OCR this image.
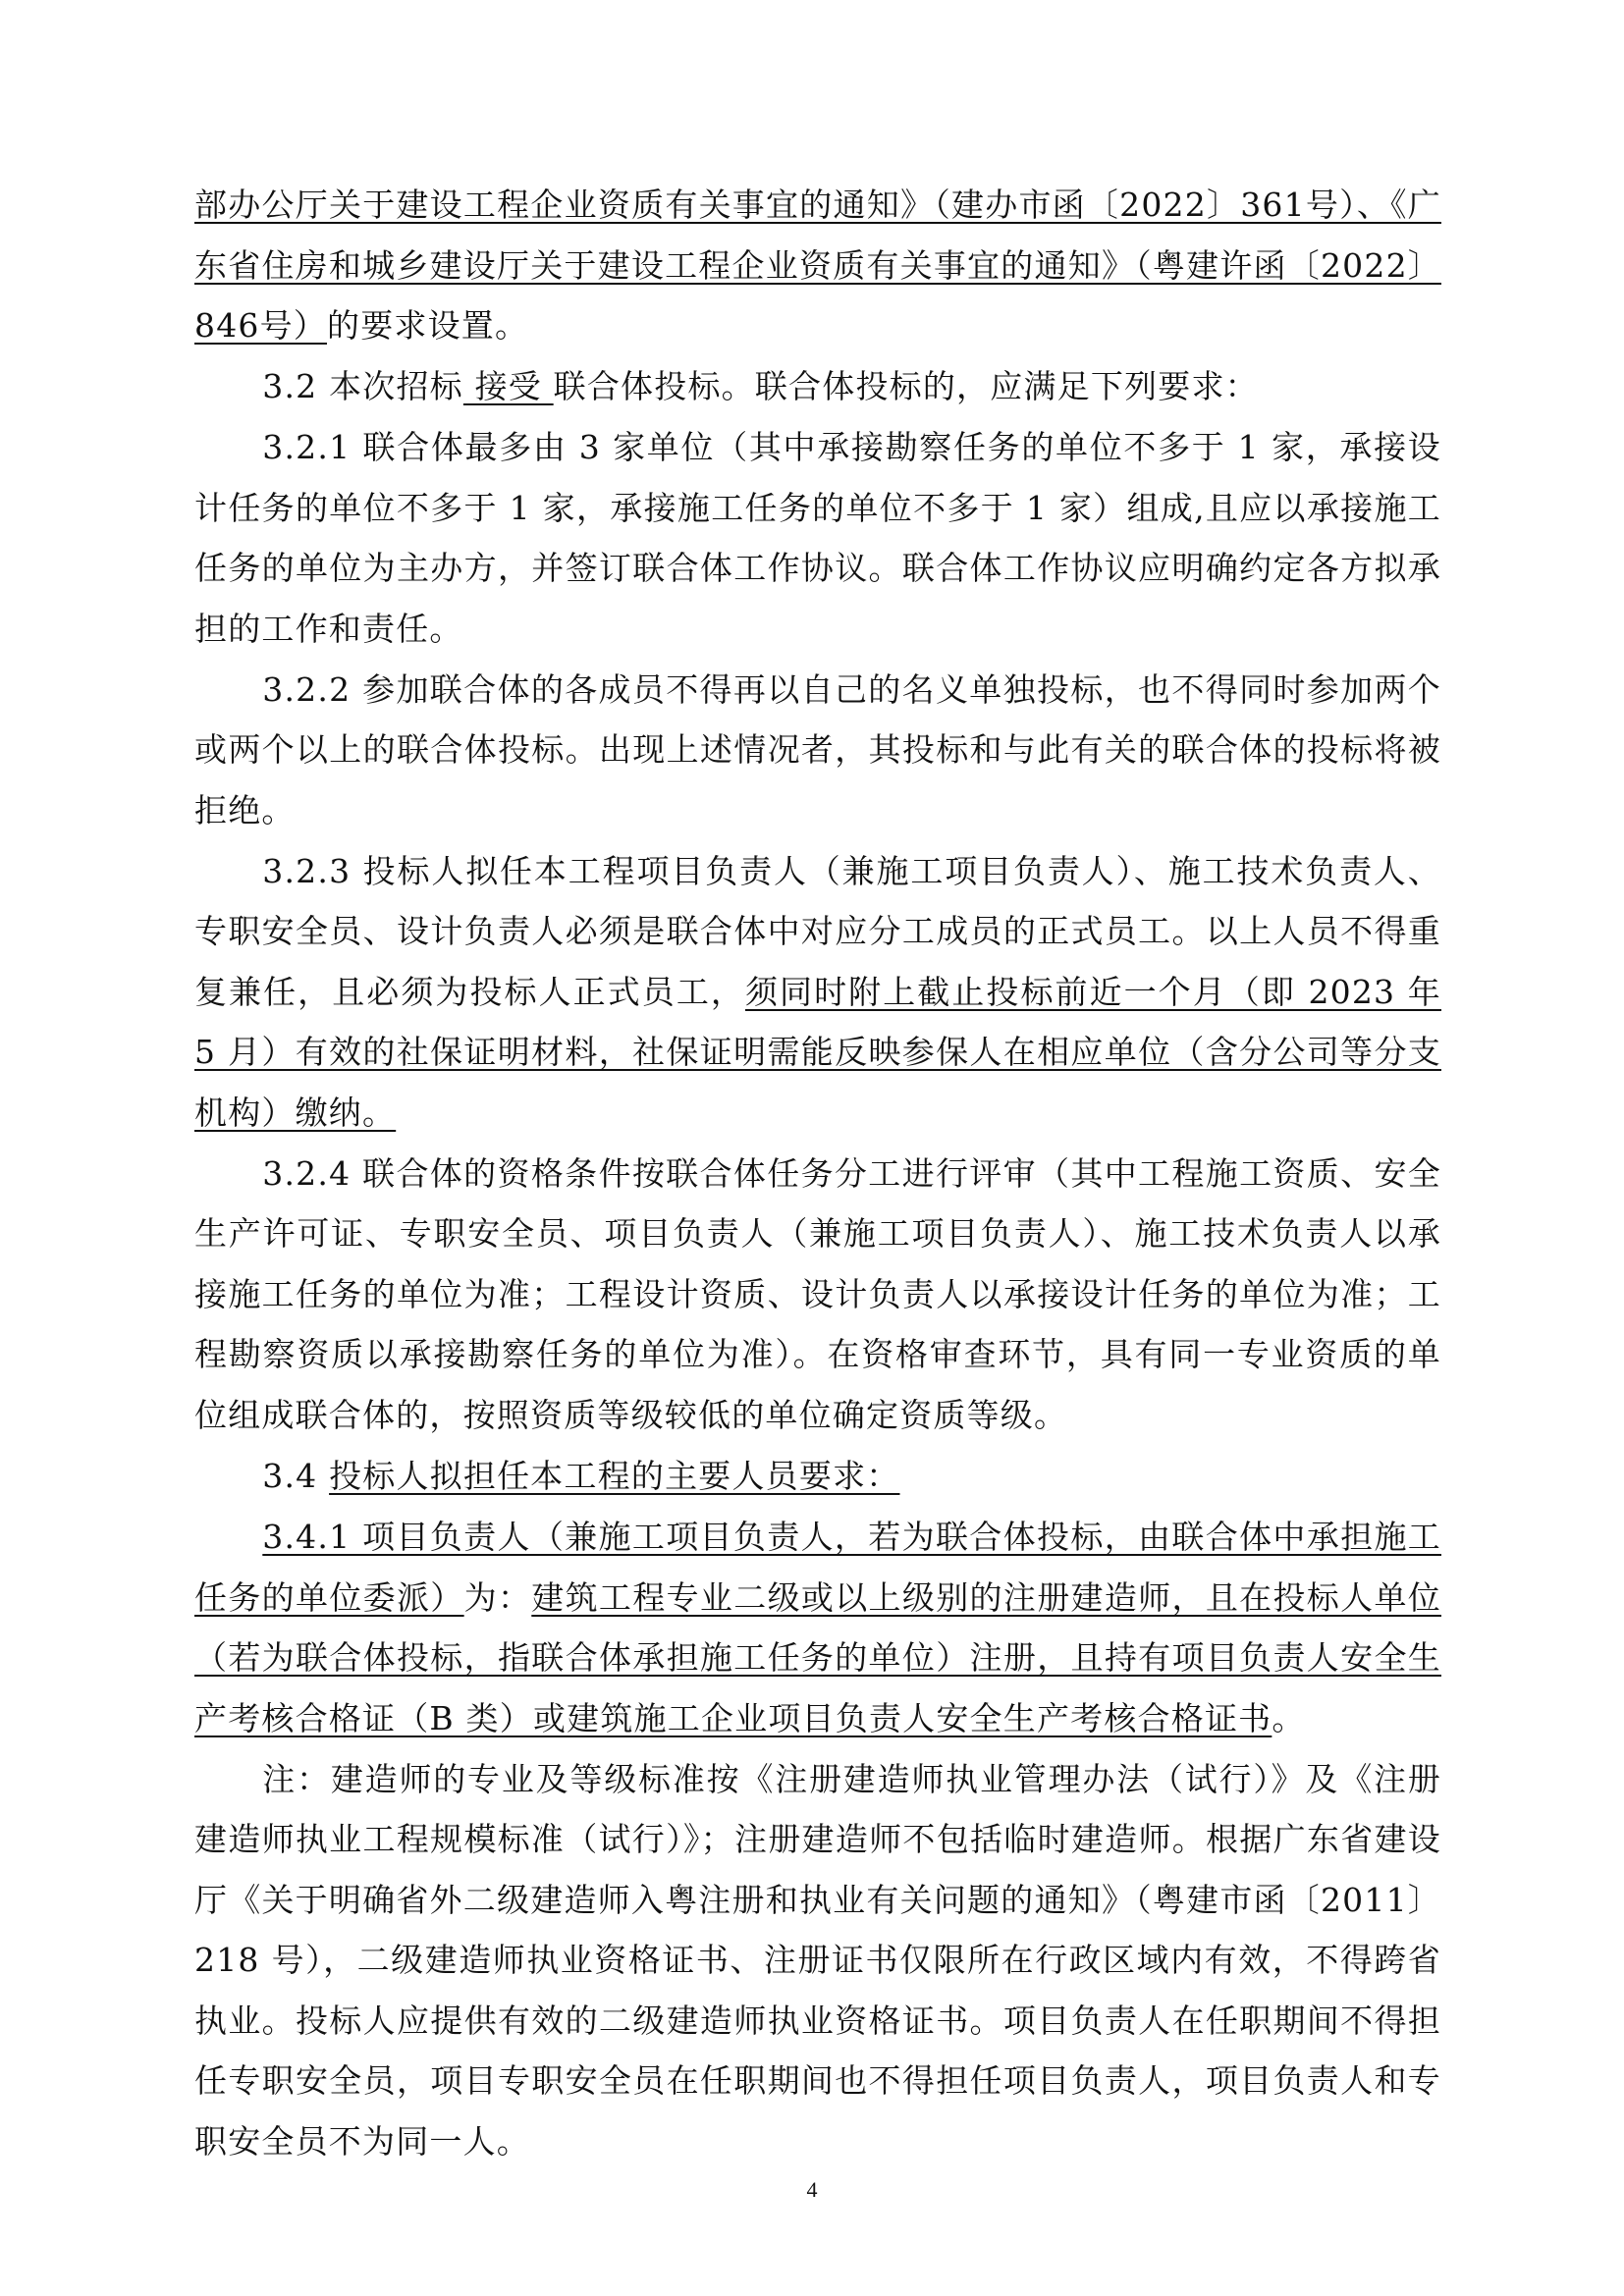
部办公厅关于建设工程企业资质有关事宜的通知》（建办市函〔2022〕361号）、《广东省住房和城乡建设厅关于建设工程企业资质有关事宜的通知》（粤建许函〔2022〕846号）的要求设置。

3.2 本次招标 接受 联合体投标。联合体投标的，应满足下列要求：

3.2.1 联合体最多由 3 家单位（其中承接勘察任务的单位不多于 1 家，承接设计任务的单位不多于 1 家，承接施工任务的单位不多于 1 家）组成,且应以承接施工任务的单位为主办方，并签订联合体工作协议。联合体工作协议应明确约定各方拟承担的工作和责任。

3.2.2 参加联合体的各成员不得再以自己的名义单独投标，也不得同时参加两个或两个以上的联合体投标。出现上述情况者，其投标和与此有关的联合体的投标将被拒绝。

3.2.3 投标人拟任本工程项目负责人（兼施工项目负责人）、施工技术负责人、专职安全员、设计负责人必须是联合体中对应分工成员的正式员工。以上人员不得重复兼任，且必须为投标人正式员工，须同时附上截止投标前近一个月（即 2023 年 5 月）有效的社保证明材料，社保证明需能反映参保人在相应单位（含分公司等分支机构）缴纳。

3.2.4 联合体的资格条件按联合体任务分工进行评审（其中工程施工资质、安全生产许可证、专职安全员、项目负责人（兼施工项目负责人）、施工技术负责人以承接施工任务的单位为准；工程设计资质、设计负责人以承接设计任务的单位为准；工程勘察资质以承接勘察任务的单位为准）。在资格审查环节，具有同一专业资质的单位组成联合体的，按照资质等级较低的单位确定资质等级。

3.4 投标人拟担任本工程的主要人员要求：

3.4.1 项目负责人（兼施工项目负责人，若为联合体投标，由联合体中承担施工任务的单位委派）为：建筑工程专业二级或以上级别的注册建造师，且在投标人单位（若为联合体投标，指联合体承担施工任务的单位）注册，且持有项目负责人安全生产考核合格证（B 类）或建筑施工企业项目负责人安全生产考核合格证书。

注：建造师的专业及等级标准按《注册建造师执业管理办法（试行）》及《注册建造师执业工程规模标准（试行）》；注册建造师不包括临时建造师。根据广东省建设厅《关于明确省外二级建造师入粤注册和执业有关问题的通知》（粤建市函〔2011〕218 号），二级建造师执业资格证书、注册证书仅限所在行政区域内有效，不得跨省执业。投标人应提供有效的二级建造师执业资格证书。项目负责人在任职期间不得担任专职安全员，项目专职安全员在任职期间也不得担任项目负责人，项目负责人和专职安全员不为同一人。

4
